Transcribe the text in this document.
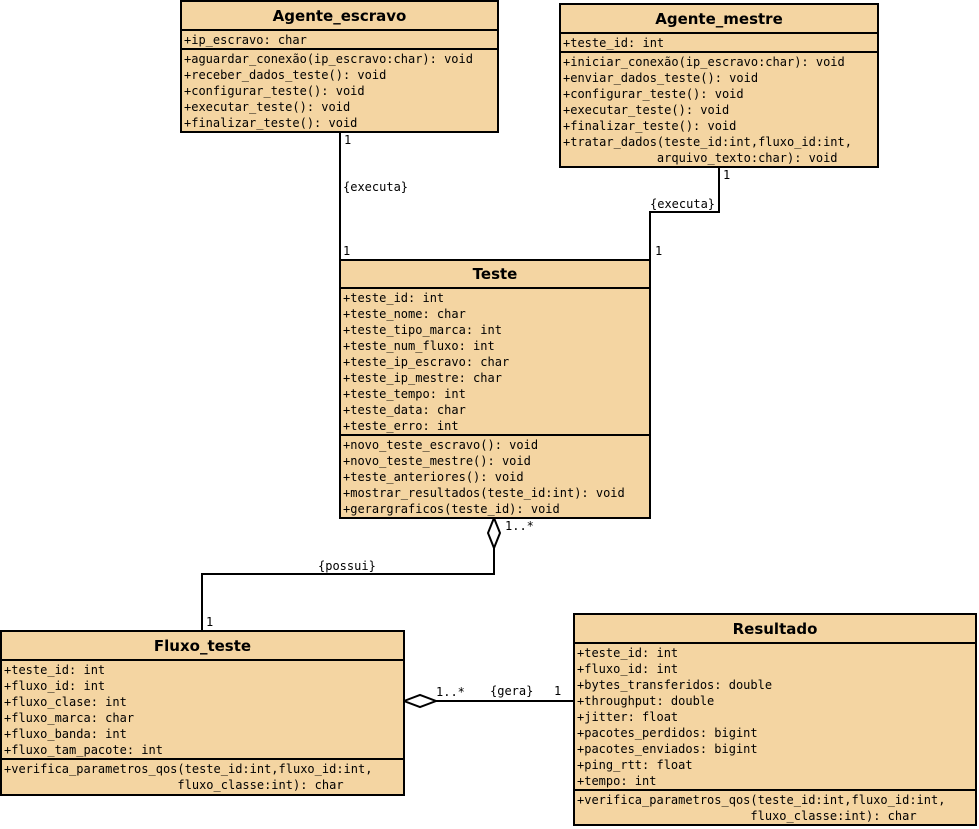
1
{executa}
1
1
{executa}
1
1..*
{possui}
1
1..* {gera} 1
Agente_escravo
+ip_escravo: char
+aguardar_conexão(ip_escravo:char): void
+receber_dados_teste(): void
+configurar_teste(): void
+executar_teste(): void
+finalizar_teste(): void
Agente_mestre
+teste_id: int
+iniciar_conexão(ip_escravo:char): void
+enviar_dados_teste(): void
+configurar_teste(): void
+executar_teste(): void
+finalizar_teste(): void
+tratar_dados(teste_id:int,fluxo_id:int,
arquivo_texto:char): void
Teste
+teste_id: int
+teste_nome: char
+teste_tipo_marca: int
+teste_num_fluxo: int
+teste_ip_escravo: char
+teste_ip_mestre: char
+teste_tempo: int
+teste_data: char
+teste_erro: int
+novo_teste_escravo(): void
+novo_teste_mestre(): void
+teste_anteriores(): void
+mostrar_resultados(teste_id:int): void
+gerargraficos(teste_id): void
Fluxo_teste
+teste_id: int
+fluxo_id: int
+fluxo_clase: int
+fluxo_marca: char
+fluxo_banda: int
+fluxo_tam_pacote: int
+verifica_parametros_qos(teste_id:int,fluxo_id:int,
fluxo_classe:int): char
Resultado
+teste_id: int
+fluxo_id: int
+bytes_transferidos: double
+throughput: double
+jitter: float
+pacotes_perdidos: bigint
+pacotes_enviados: bigint
+ping_rtt: float
+tempo: int
+verifica_parametros_qos(teste_id:int,fluxo_id:int,
fluxo_classe:int): char
